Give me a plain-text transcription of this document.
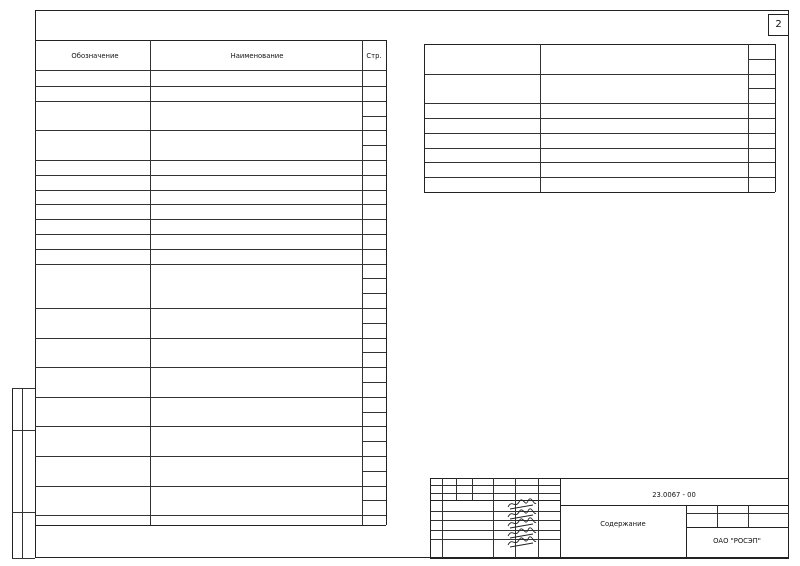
2
Обозначение	Наименование	Стр.
23.0067 - 00
Содержание
ОАО "РОСЭП"
